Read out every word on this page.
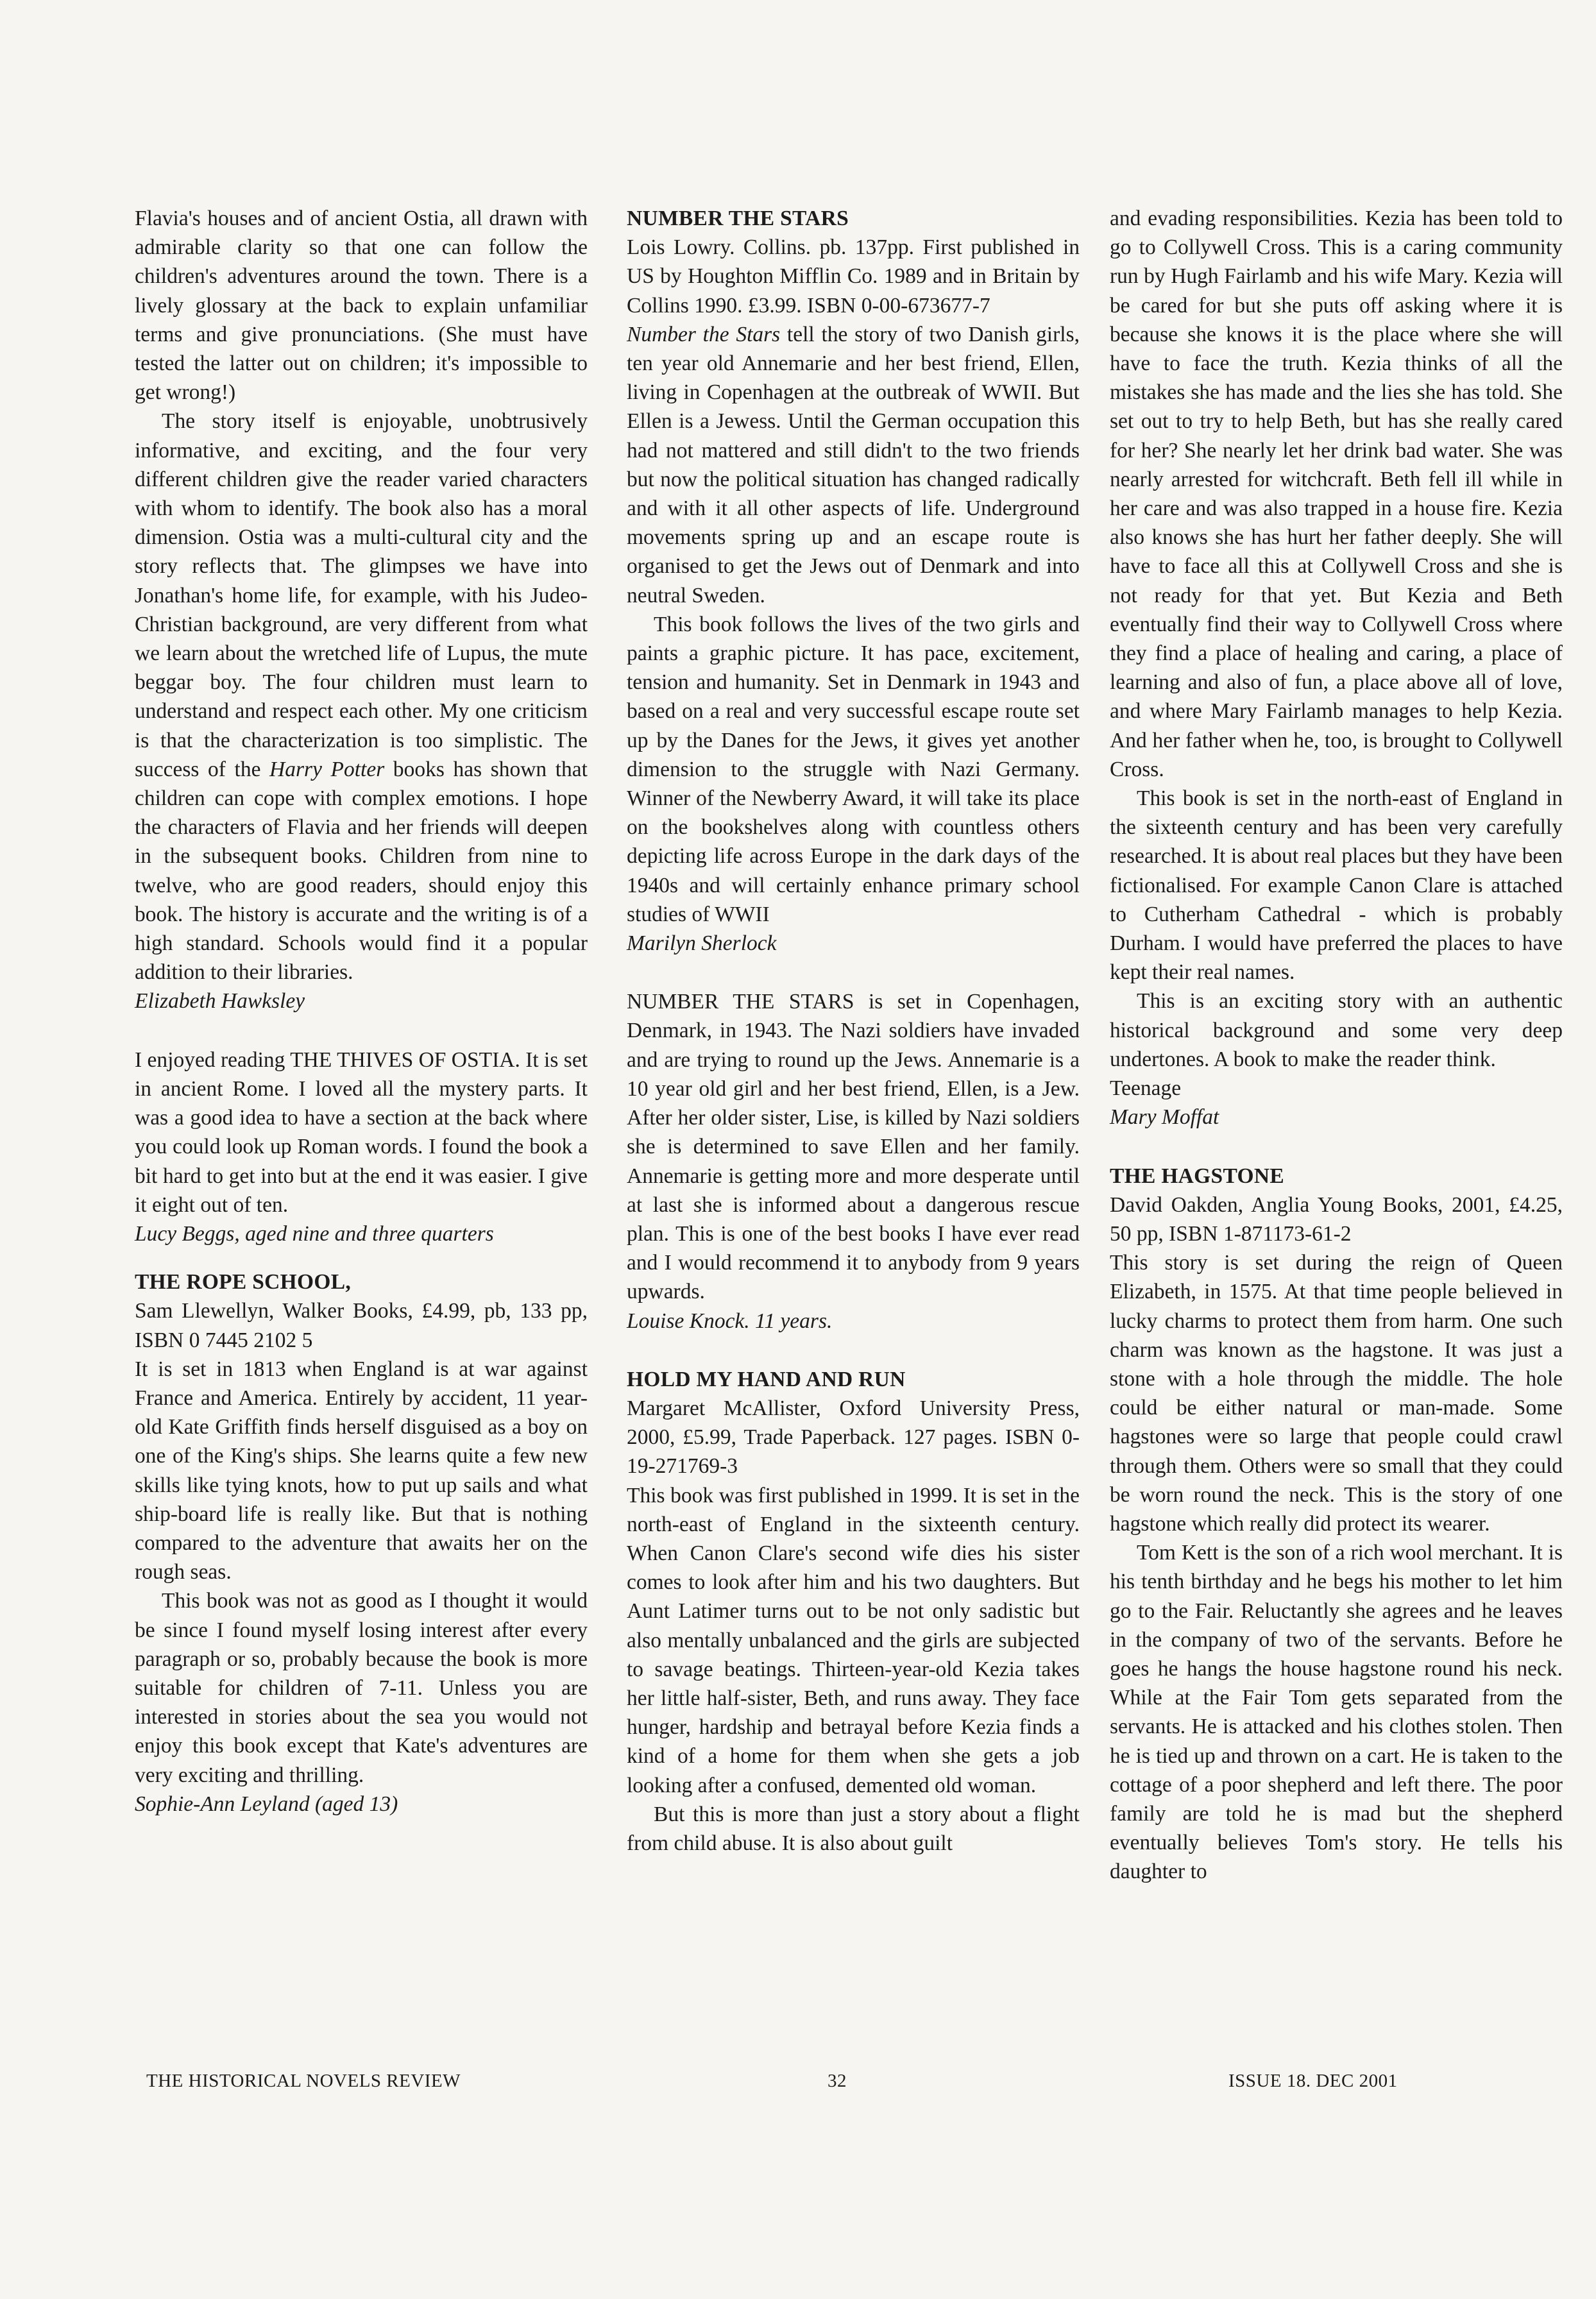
Flavia's houses and of ancient Ostia, all drawn with admirable clarity so that one can follow the children's adventures around the town. There is a lively glossary at the back to explain unfamiliar terms and give pronunciations. (She must have tested the latter out on children; it's impossible to get wrong!)

The story itself is enjoyable, unobtrusively informative, and exciting, and the four very different children give the reader varied characters with whom to identify. The book also has a moral dimension. Ostia was a multi-cultural city and the story reflects that. The glimpses we have into Jonathan's home life, for example, with his Judeo-Christian background, are very different from what we learn about the wretched life of Lupus, the mute beggar boy. The four children must learn to understand and respect each other. My one criticism is that the characterization is too simplistic. The success of the Harry Potter books has shown that children can cope with complex emotions. I hope the characters of Flavia and her friends will deepen in the subsequent books. Children from nine to twelve, who are good readers, should enjoy this book. The history is accurate and the writing is of a high standard. Schools would find it a popular addition to their libraries.

Elizabeth Hawksley

I enjoyed reading THE THIVES OF OSTIA. It is set in ancient Rome. I loved all the mystery parts. It was a good idea to have a section at the back where you could look up Roman words. I found the book a bit hard to get into but at the end it was easier. I give it eight out of ten.

Lucy Beggs, aged nine and three quarters

THE ROPE SCHOOL,

Sam Llewellyn, Walker Books, £4.99, pb, 133 pp, ISBN 0 7445 2102 5

It is set in 1813 when England is at war against France and America. Entirely by accident, 11 year-old Kate Griffith finds herself disguised as a boy on one of the King's ships. She learns quite a few new skills like tying knots, how to put up sails and what ship-board life is really like. But that is nothing compared to the adventure that awaits her on the rough seas.

This book was not as good as I thought it would be since I found myself losing interest after every paragraph or so, probably because the book is more suitable for children of 7-11. Unless you are interested in stories about the sea you would not enjoy this book except that Kate's adventures are very exciting and thrilling.

Sophie-Ann Leyland (aged 13)

NUMBER THE STARS

Lois Lowry. Collins. pb. 137pp. First published in US by Houghton Mifflin Co. 1989 and in Britain by Collins 1990. £3.99. ISBN 0-00-673677-7

Number the Stars tell the story of two Danish girls, ten year old Annemarie and her best friend, Ellen, living in Copenhagen at the outbreak of WWII. But Ellen is a Jewess. Until the German occupation this had not mattered and still didn't to the two friends but now the political situation has changed radically and with it all other aspects of life. Underground movements spring up and an escape route is organised to get the Jews out of Denmark and into neutral Sweden.

This book follows the lives of the two girls and paints a graphic picture. It has pace, excitement, tension and humanity. Set in Denmark in 1943 and based on a real and very successful escape route set up by the Danes for the Jews, it gives yet another dimension to the struggle with Nazi Germany. Winner of the Newberry Award, it will take its place on the bookshelves along with countless others depicting life across Europe in the dark days of the 1940s and will certainly enhance primary school studies of WWII

Marilyn Sherlock

NUMBER THE STARS is set in Copenhagen, Denmark, in 1943. The Nazi soldiers have invaded and are trying to round up the Jews. Annemarie is a 10 year old girl and her best friend, Ellen, is a Jew. After her older sister, Lise, is killed by Nazi soldiers she is determined to save Ellen and her family. Annemarie is getting more and more desperate until at last she is informed about a dangerous rescue plan. This is one of the best books I have ever read and I would recommend it to anybody from 9 years upwards.

Louise Knock. 11 years.

HOLD MY HAND AND RUN

Margaret McAllister, Oxford University Press, 2000, £5.99, Trade Paperback. 127 pages. ISBN 0-19-271769-3

This book was first published in 1999. It is set in the north-east of England in the sixteenth century. When Canon Clare's second wife dies his sister comes to look after him and his two daughters. But Aunt Latimer turns out to be not only sadistic but also mentally unbalanced and the girls are subjected to savage beatings. Thirteen-year-old Kezia takes her little half-sister, Beth, and runs away. They face hunger, hardship and betrayal before Kezia finds a kind of a home for them when she gets a job looking after a confused, demented old woman.

But this is more than just a story about a flight from child abuse. It is also about guilt

and evading responsibilities. Kezia has been told to go to Collywell Cross. This is a caring community run by Hugh Fairlamb and his wife Mary. Kezia will be cared for but she puts off asking where it is because she knows it is the place where she will have to face the truth. Kezia thinks of all the mistakes she has made and the lies she has told. She set out to try to help Beth, but has she really cared for her? She nearly let her drink bad water. She was nearly arrested for witchcraft. Beth fell ill while in her care and was also trapped in a house fire. Kezia also knows she has hurt her father deeply. She will have to face all this at Collywell Cross and she is not ready for that yet. But Kezia and Beth eventually find their way to Collywell Cross where they find a place of healing and caring, a place of learning and also of fun, a place above all of love, and where Mary Fairlamb manages to help Kezia. And her father when he, too, is brought to Collywell Cross.

This book is set in the north-east of England in the sixteenth century and has been very carefully researched. It is about real places but they have been fictionalised. For example Canon Clare is attached to Cutherham Cathedral - which is probably Durham. I would have preferred the places to have kept their real names.

This is an exciting story with an authentic historical background and some very deep undertones. A book to make the reader think.

Teenage

Mary Moffat

THE HAGSTONE

David Oakden, Anglia Young Books, 2001, £4.25, 50 pp, ISBN 1-871173-61-2

This story is set during the reign of Queen Elizabeth, in 1575. At that time people believed in lucky charms to protect them from harm. One such charm was known as the hagstone. It was just a stone with a hole through the middle. The hole could be either natural or man-made. Some hagstones were so large that people could crawl through them. Others were so small that they could be worn round the neck. This is the story of one hagstone which really did protect its wearer.

Tom Kett is the son of a rich wool merchant. It is his tenth birthday and he begs his mother to let him go to the Fair. Reluctantly she agrees and he leaves in the company of two of the servants. Before he goes he hangs the house hagstone round his neck. While at the Fair Tom gets separated from the servants. He is attacked and his clothes stolen. Then he is tied up and thrown on a cart. He is taken to the cottage of a poor shepherd and left there. The poor family are told he is mad but the shepherd eventually believes Tom's story. He tells his daughter to

THE HISTORICAL NOVELS REVIEW	32	ISSUE 18. DEC 2001
